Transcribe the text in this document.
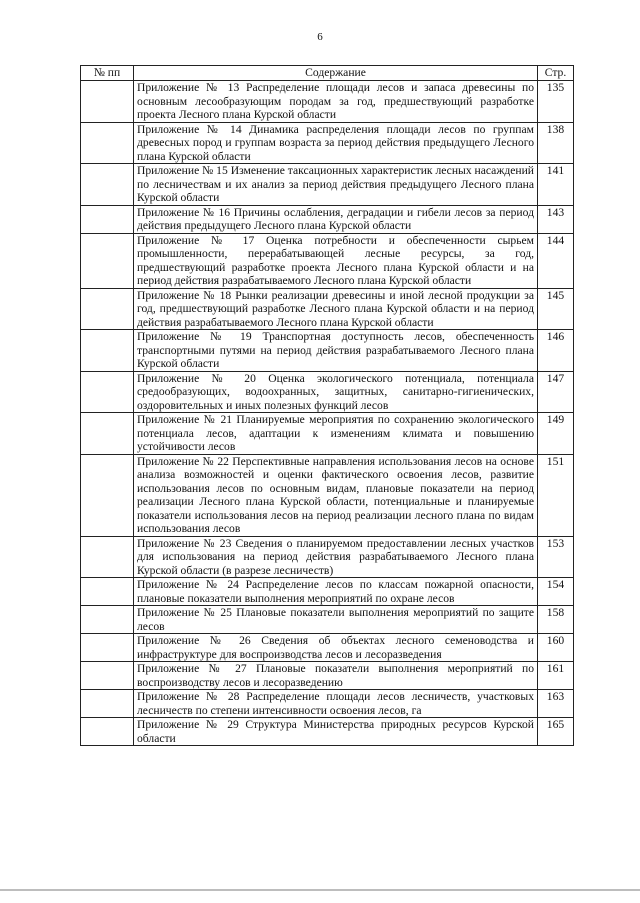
6
№ пп	Содержание	Стр.
	Приложение № 13 Распределение площади лесов и запаса древесины по основным лесообразующим породам за год, предшествующий разработке проекта Лесного плана Курской области	135
	Приложение № 14 Динамика распределения площади лесов по группам древесных пород и группам возраста за период действия предыдущего Лесного плана Курской области	138
	Приложение № 15 Изменение таксационных характеристик лесных насаждений по лесничествам и их анализ за период действия предыдущего Лесного плана Курской области	141
	Приложение № 16 Причины ослабления, деградации и гибели лесов за период действия предыдущего Лесного плана Курской области	143
	Приложение № 17 Оценка потребности и обеспеченности сырьем промышленности, перерабатывающей лесные ресурсы, за год, предшествующий разработке проекта Лесного плана Курской области и на период действия разрабатываемого Лесного плана Курской области	144
	Приложение № 18 Рынки реализации древесины и иной лесной продукции за год, предшествующий разработке Лесного плана Курской области и на период действия разрабатываемого Лесного плана Курской области	145
	Приложение № 19 Транспортная доступность лесов, обеспеченность транспортными путями на период действия разрабатываемого Лесного плана Курской области	146
	Приложение № 20 Оценка экологического потенциала, потенциала средообразующих, водоохранных, защитных, санитарно-гигиенических, оздоровительных и иных полезных функций лесов	147
	Приложение № 21 Планируемые мероприятия по сохранению экологического потенциала лесов, адаптации к изменениям климата и повышению устойчивости лесов	149
	Приложение № 22 Перспективные направления использования лесов на основе анализа возможностей и оценки фактического освоения лесов, развитие использования лесов по основным видам, плановые показатели на период реализации Лесного плана Курской области, потенциальные и планируемые показатели использования лесов на период реализации лесного плана по видам использования лесов	151
	Приложение № 23 Сведения о планируемом предоставлении лесных участков для использования на период действия разрабатываемого Лесного плана Курской области (в разрезе лесничеств)	153
	Приложение № 24 Распределение лесов по классам пожарной опасности, плановые показатели выполнения мероприятий по охране лесов	154
	Приложение № 25 Плановые показатели выполнения мероприятий по защите лесов	158
	Приложение № 26 Сведения об объектах лесного семеноводства и инфраструктуре для воспроизводства лесов и лесоразведения	160
	Приложение № 27 Плановые показатели выполнения мероприятий по воспроизводству лесов и лесоразведению	161
	Приложение № 28 Распределение площади лесов лесничеств, участковых лесничеств по степени интенсивности освоения лесов, га	163
	Приложение № 29 Структура Министерства природных ресурсов Курской области	165
